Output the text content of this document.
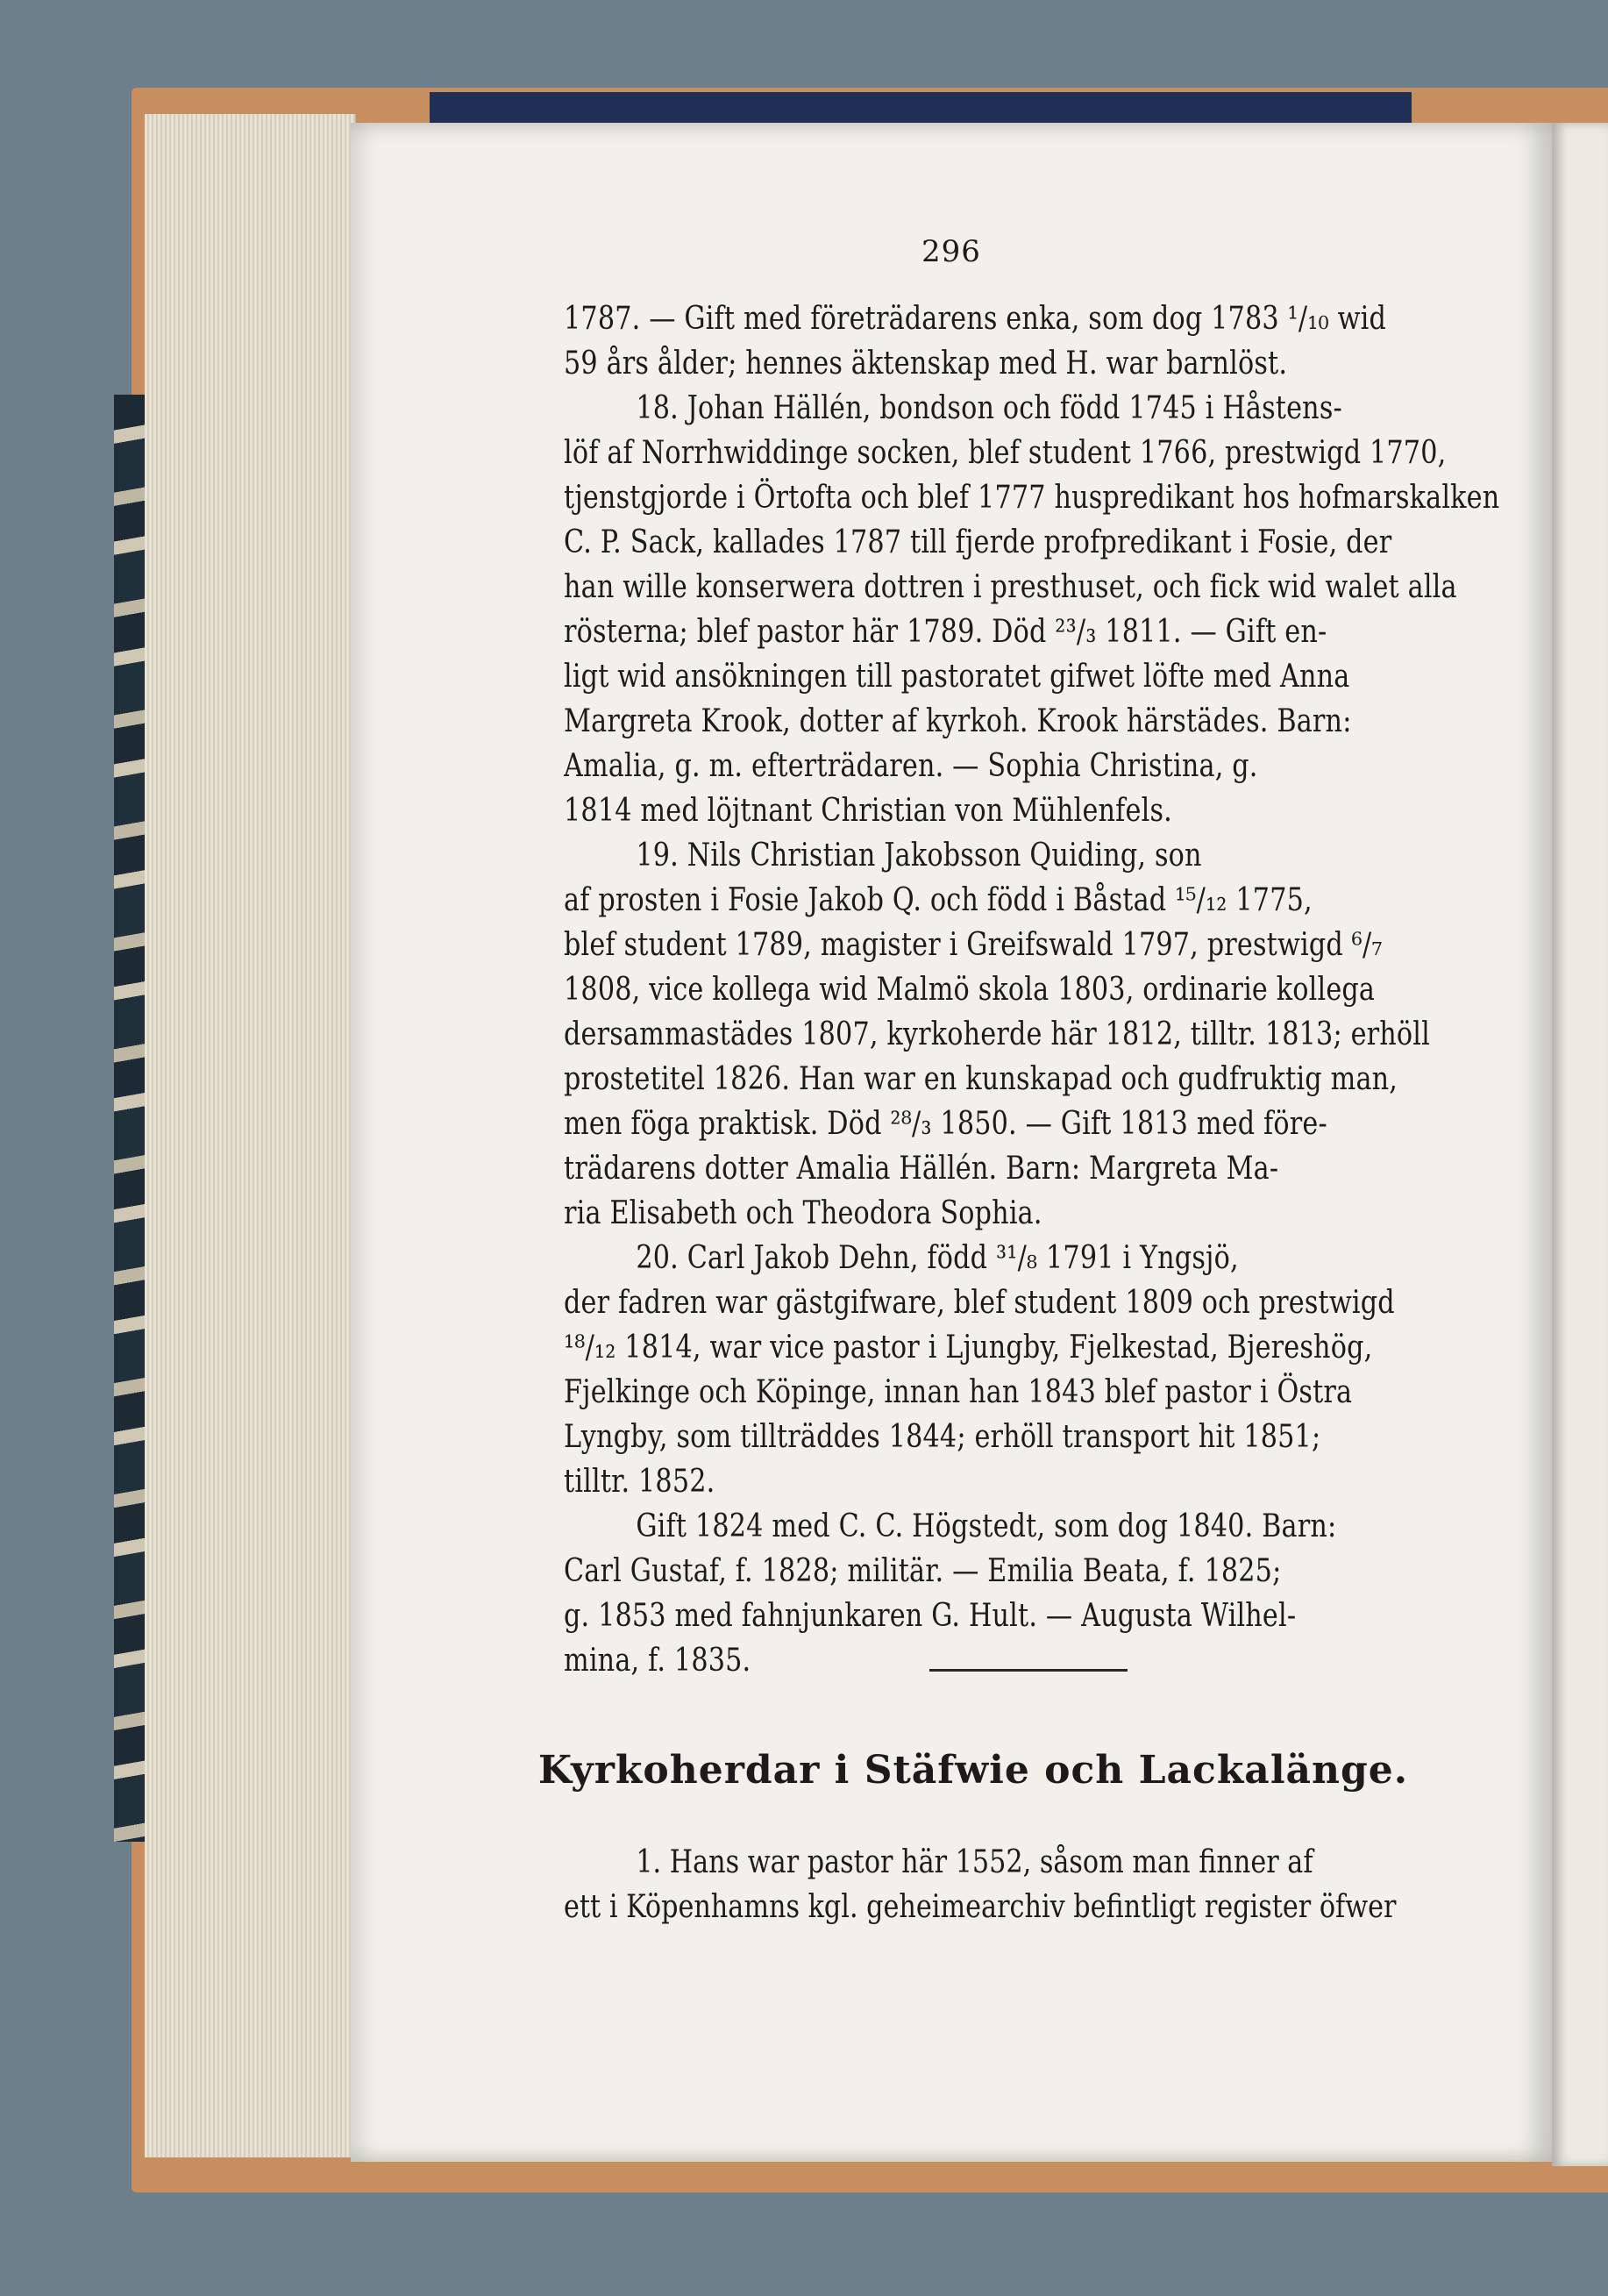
296
1787. — Gift med företrädarens enka, som dog 1783 ¹/₁₀ wid
59 års ålder; hennes äktenskap med H. war barnlöst.
18. Johan Hällén, bondson och född 1745 i Håstens-
löf af Norrhwiddinge socken, blef student 1766, prestwigd 1770,
tjenstgjorde i Örtofta och blef 1777 huspredikant hos hofmarskalken
C. P. Sack, kallades 1787 till fjerde profpredikant i Fosie, der
han wille konserwera dottren i presthuset, och fick wid walet alla
rösterna; blef pastor här 1789. Död ²³/₃ 1811. — Gift en-
ligt wid ansökningen till pastoratet gifwet löfte med Anna
Margreta Krook, dotter af kyrkoh. Krook härstädes. Barn:
Amalia, g. m. efterträdaren. — Sophia Christina, g.
1814 med löjtnant Christian von Mühlenfels.
19. Nils Christian Jakobsson Quiding, son
af prosten i Fosie Jakob Q. och född i Båstad ¹⁵/₁₂ 1775,
blef student 1789, magister i Greifswald 1797, prestwigd ⁶/₇
1808, vice kollega wid Malmö skola 1803, ordinarie kollega
dersammastädes 1807, kyrkoherde här 1812, tilltr. 1813; erhöll
prostetitel 1826. Han war en kunskapad och gudfruktig man,
men föga praktisk. Död ²⁸/₃ 1850. — Gift 1813 med före-
trädarens dotter Amalia Hällén. Barn: Margreta Ma-
ria Elisabeth och Theodora Sophia.
20. Carl Jakob Dehn, född ³¹/₈ 1791 i Yngsjö,
der fadren war gästgifware, blef student 1809 och prestwigd
¹⁸/₁₂ 1814, war vice pastor i Ljungby, Fjelkestad, Bjereshög,
Fjelkinge och Köpinge, innan han 1843 blef pastor i Östra
Lyngby, som tillträddes 1844; erhöll transport hit 1851;
tilltr. 1852.
Gift 1824 med C. C. Högstedt, som dog 1840. Barn:
Carl Gustaf, f. 1828; militär. — Emilia Beata, f. 1825;
g. 1853 med fahnjunkaren G. Hult. — Augusta Wilhel-
mina, f. 1835.
Kyrkoherdar i Stäfwie och Lackalänge.
1. Hans war pastor här 1552, såsom man finner af
ett i Köpenhamns kgl. geheimearchiv befintligt register öfwer
